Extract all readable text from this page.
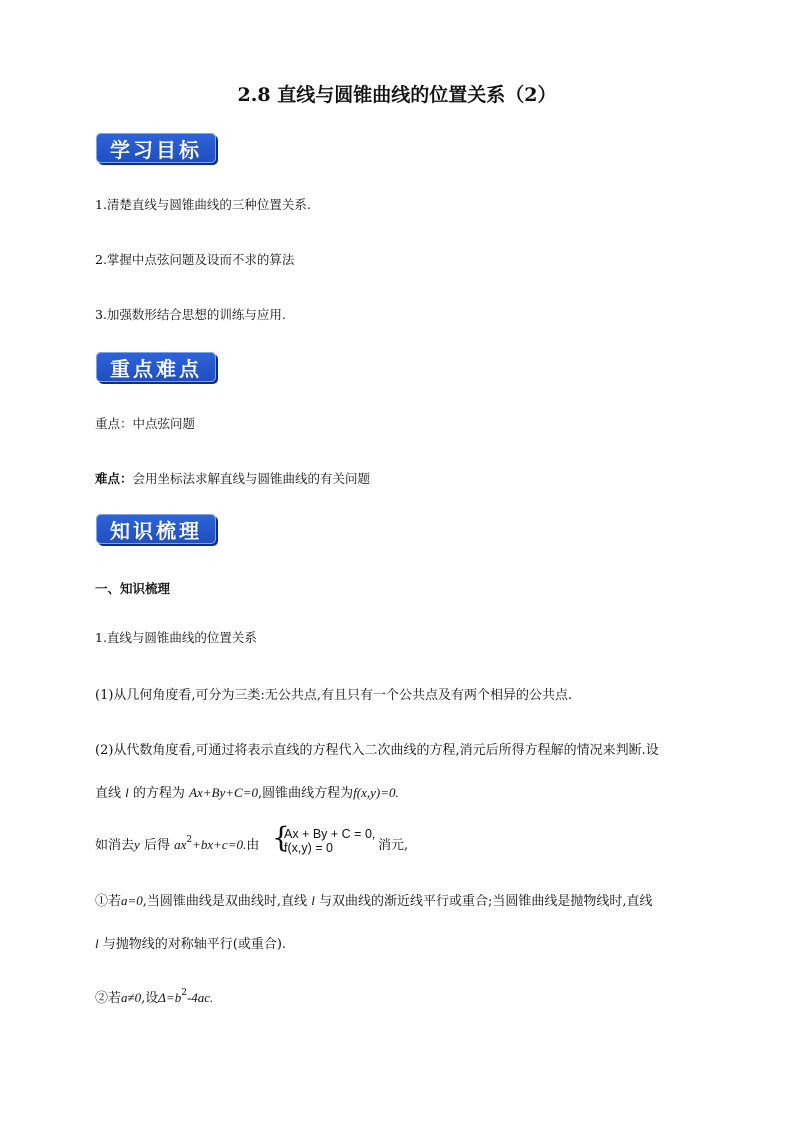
2.8 直线与圆锥曲线的位置关系（2）
学习目标
1.清楚直线与圆锥曲线的三种位置关系.
2.掌握中点弦问题及设而不求的算法
3.加强数形结合思想的训练与应用.
重点难点
重点：中点弦问题
难点：会用坐标法求解直线与圆锥曲线的有关问题
知识梳理
一、知识梳理
1.直线与圆锥曲线的位置关系
(1)从几何角度看,可分为三类:无公共点,有且只有一个公共点及有两个相异的公共点.
(2)从代数角度看,可通过将表示直线的方程代入二次曲线的方程,消元后所得方程解的情况来判断.设
直线 l 的方程为 Ax+By+C=0,圆锥曲线方程为f(x,y)=0.
如消去y 后得 $ax^2+bx+c=0$.由 {
Ax + By + C = 0,
f(x,y) = 0	消元,
①若a=0,当圆锥曲线是双曲线时,直线 l 与双曲线的渐近线平行或重合;当圆锥曲线是抛物线时,直线
l 与抛物线的对称轴平行(或重合).
②若a≠0,设$\Delta=b^2-4ac$.
